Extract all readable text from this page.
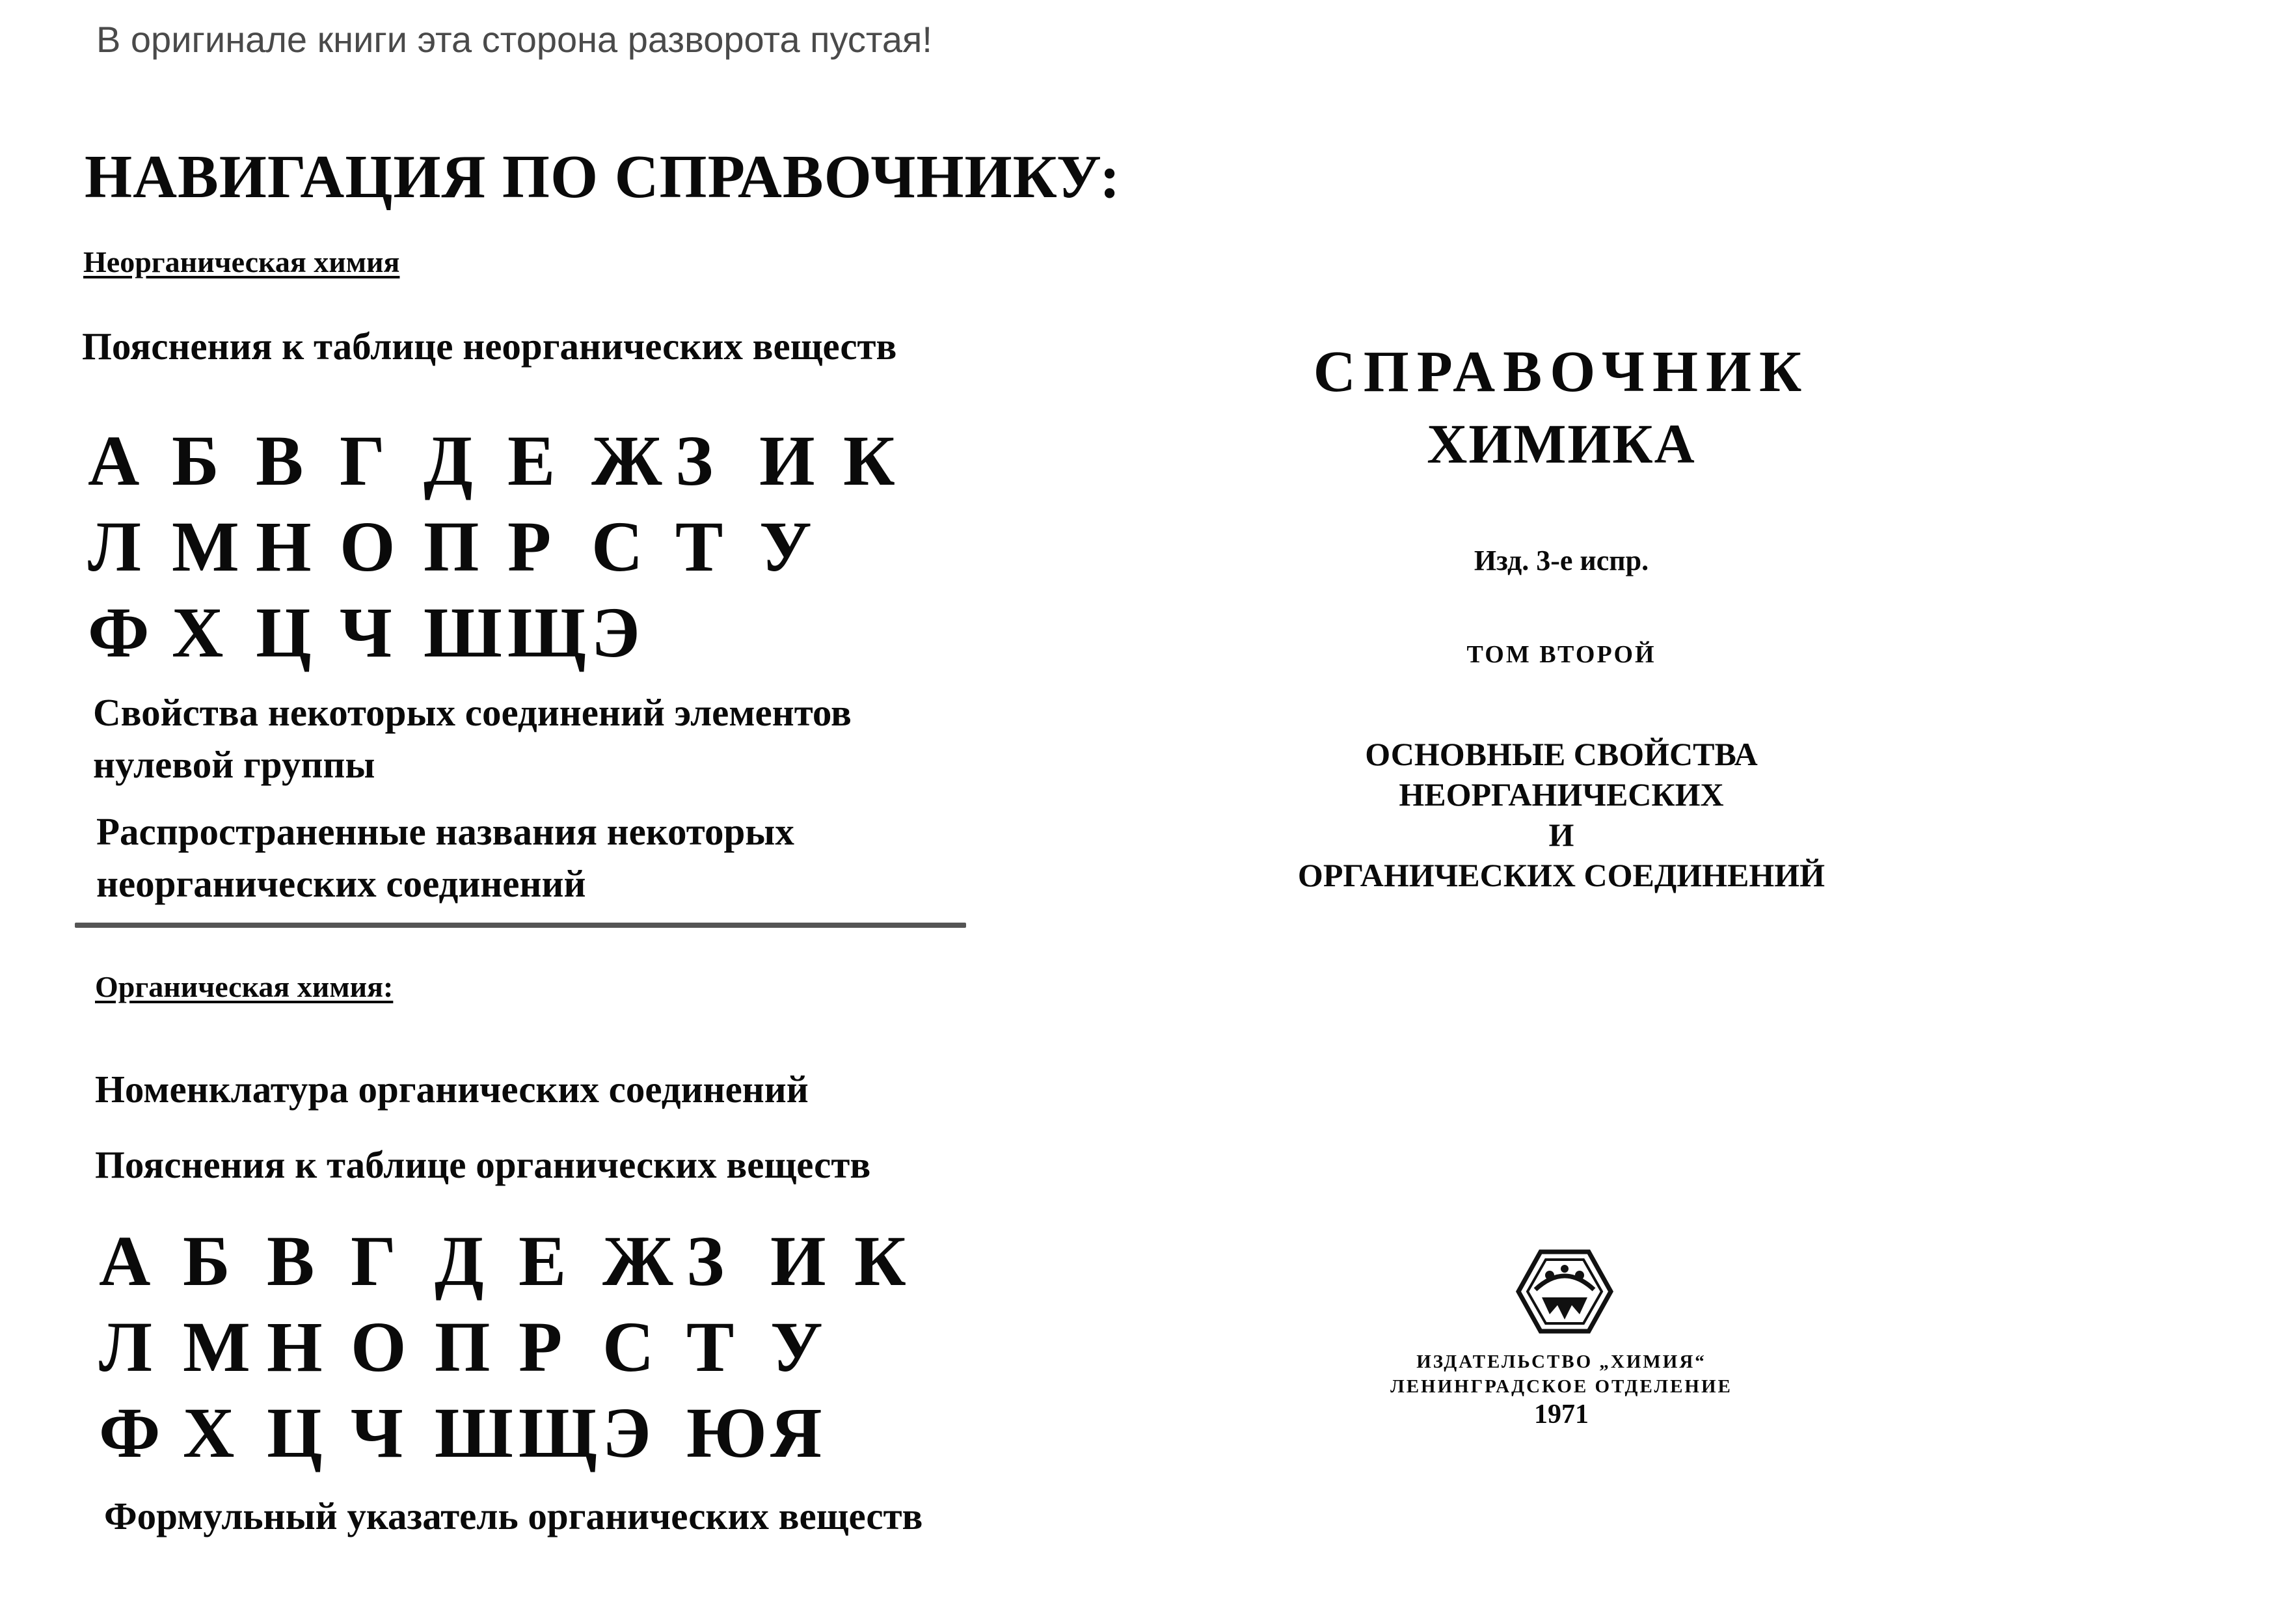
В оригинале книги эта сторона разворота пустая!
НАВИГАЦИЯ ПО СПРАВОЧНИКУ:
Неорганическая химия
Пояснения к таблице неорганических веществ
А Б В Г Д Е Ж З И К
Л М Н О П Р С Т У
Ф Х Ц Ч Ш Щ Э
Свойства некоторых соединений элементов
нулевой группы
Распространенные названия некоторых
неорганических соединений
Органическая химия:
Номенклатура органических соединений
Пояснения к таблице органических веществ
А Б В Г Д Е Ж З И К
Л М Н О П Р С Т У
Ф Х Ц Ч Ш Щ Э Ю Я
Формульный указатель органических веществ
СПРАВОЧНИК
ХИМИКА
Изд. 3-е испр.
ТОМ ВТОРОЙ
ОСНОВНЫЕ СВОЙСТВА
НЕОРГАНИЧЕСКИХ
И
ОРГАНИЧЕСКИХ СОЕДИНЕНИЙ
ИЗДАТЕЛЬСТВО „ХИМИЯ“
ЛЕНИНГРАДСКОЕ ОТДЕЛЕНИЕ
1971
